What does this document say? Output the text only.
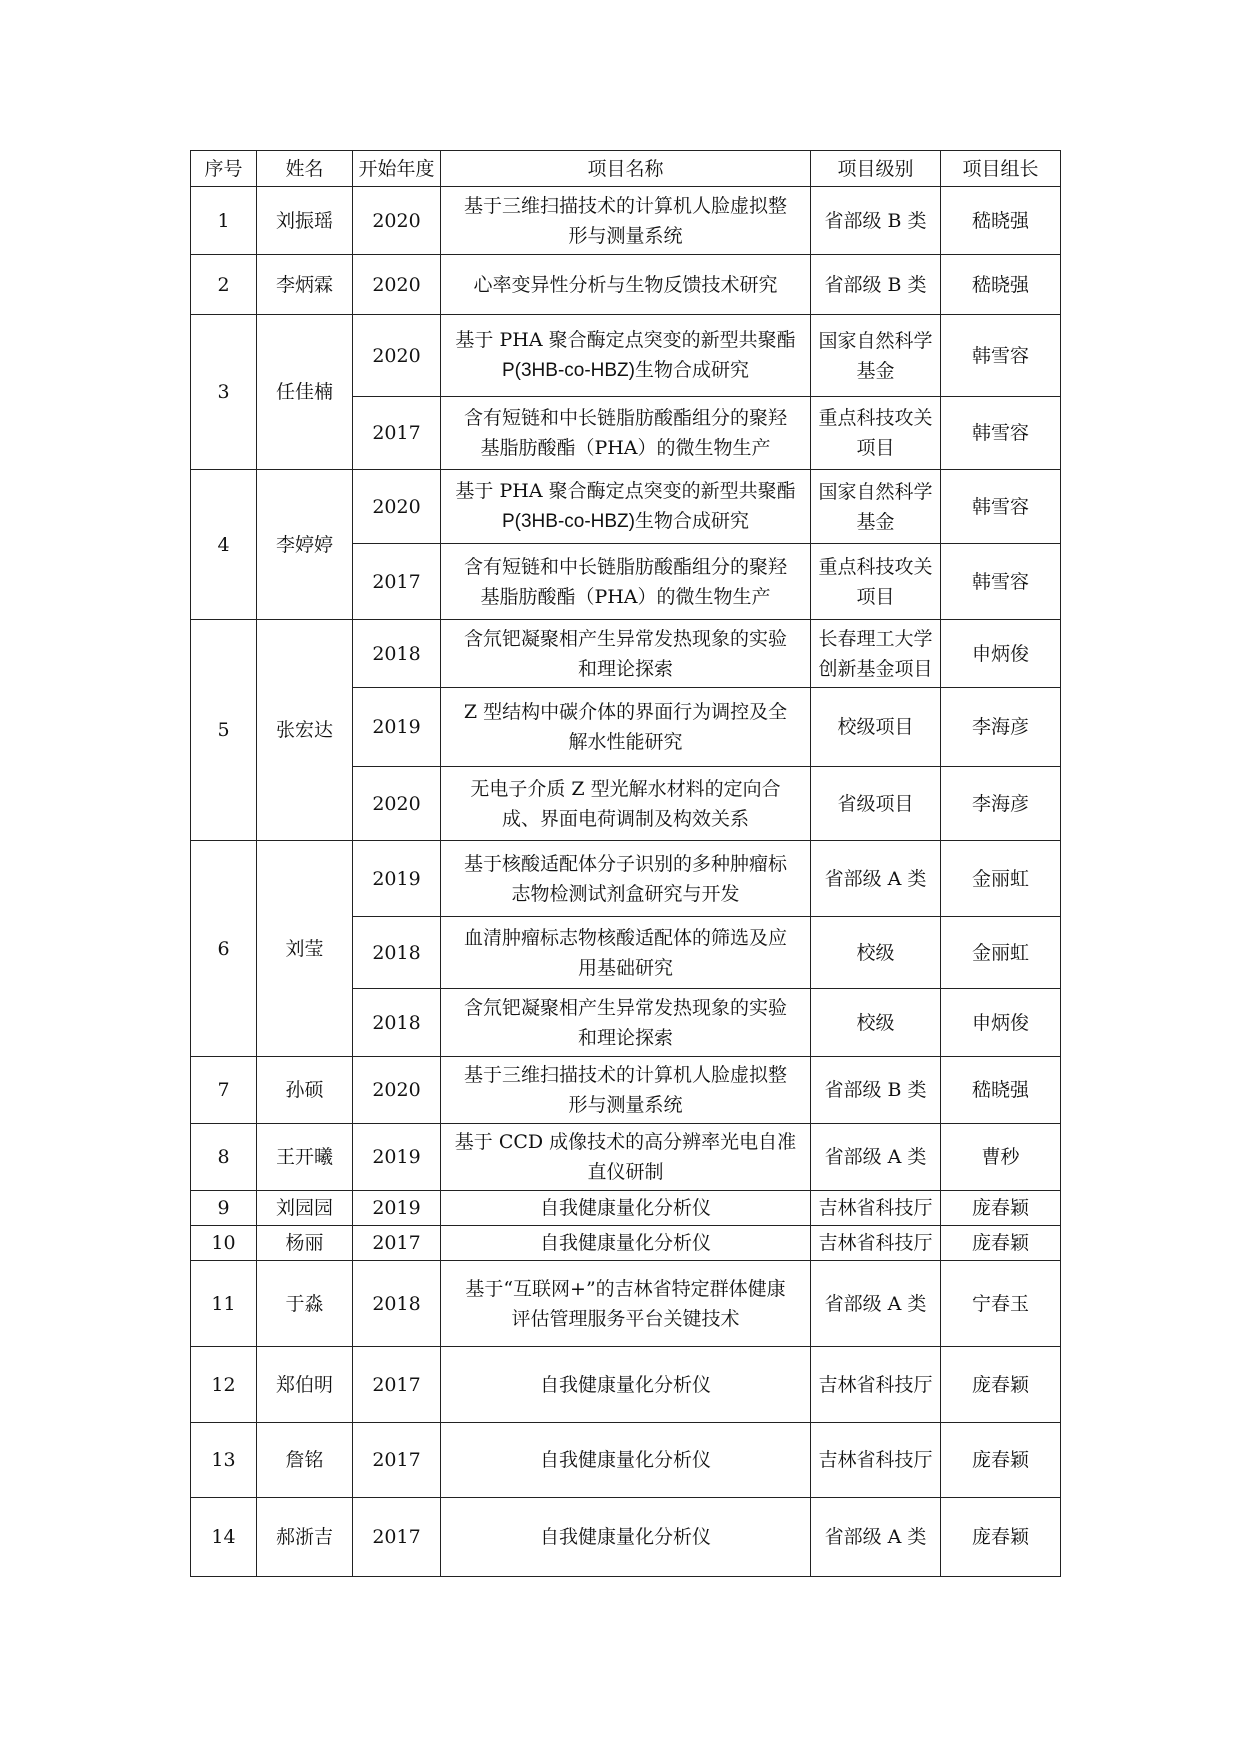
序号	姓名	开始年度	项目名称	项目级别	项目组长
1	刘振瑶	2020	基于三维扫描技术的计算机人脸虚拟整
形与测量系统	省部级 B 类	嵇晓强
2	李炳霖	2020	心率变异性分析与生物反馈技术研究	省部级 B 类	嵇晓强
3	任佳楠	2020	基于 PHA 聚合酶定点突变的新型共聚酯
P(3HB-co-HBZ)生物合成研究	国家自然科学
基金	韩雪容
		2017	含有短链和中长链脂肪酸酯组分的聚羟
基脂肪酸酯（PHA）的微生物生产	重点科技攻关
项目	韩雪容
4	李婷婷	2020	基于 PHA 聚合酶定点突变的新型共聚酯
P(3HB-co-HBZ)生物合成研究	国家自然科学
基金	韩雪容
		2017	含有短链和中长链脂肪酸酯组分的聚羟
基脂肪酸酯（PHA）的微生物生产	重点科技攻关
项目	韩雪容
5	张宏达	2018	含氘钯凝聚相产生异常发热现象的实验
和理论探索	长春理工大学
创新基金项目	申炳俊
		2019	Z 型结构中碳介体的界面行为调控及全
解水性能研究	校级项目	李海彦
		2020	无电子介质 Z 型光解水材料的定向合
成、界面电荷调制及构效关系	省级项目	李海彦
6	刘莹	2019	基于核酸适配体分子识别的多种肿瘤标
志物检测试剂盒研究与开发	省部级 A 类	金丽虹
		2018	血清肿瘤标志物核酸适配体的筛选及应
用基础研究	校级	金丽虹
		2018	含氘钯凝聚相产生异常发热现象的实验
和理论探索	校级	申炳俊
7	孙硕	2020	基于三维扫描技术的计算机人脸虚拟整
形与测量系统	省部级 B 类	嵇晓强
8	王开曦	2019	基于 CCD 成像技术的高分辨率光电自准
直仪研制	省部级 A 类	曹秒
9	刘园园	2019	自我健康量化分析仪	吉林省科技厅	庞春颖
10	杨丽	2017	自我健康量化分析仪	吉林省科技厅	庞春颖
11	于淼	2018	基于“互联网+”的吉林省特定群体健康
评估管理服务平台关键技术	省部级 A 类	宁春玉
12	郑伯明	2017	自我健康量化分析仪	吉林省科技厅	庞春颖
13	詹铭	2017	自我健康量化分析仪	吉林省科技厅	庞春颖
14	郝浙吉	2017	自我健康量化分析仪	省部级 A 类	庞春颖
